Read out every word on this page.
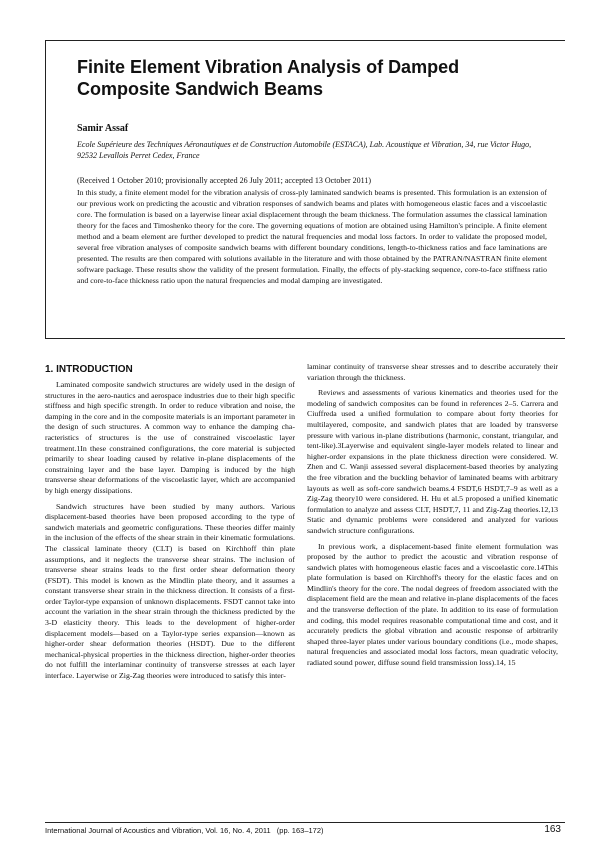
Finite Element Vibration Analysis of Damped Composite Sandwich Beams
Samir Assaf
Ecole Supérieure des Techniques Aéronautiques et de Construction Automobile (ESTACA), Lab. Acoustique et Vibration, 34, rue Victor Hugo, 92532 Levallois Perret Cedex, France
(Received 1 October 2010; provisionally accepted 26 July 2011; accepted 13 October 2011)

In this study, a finite element model for the vibration analysis of cross-ply laminated sandwich beams is presented. This formulation is an extension of our previous work on predicting the acoustic and vibration responses of sandwich beams and plates with homogeneous elastic faces and a viscoelastic core. The formulation is based on a layerwise linear axial displacement through the beam thickness. The formulation assumes the classical lamination theory for the faces and Timoshenko theory for the core. The governing equations of motion are obtained using Hamilton's principle. A finite element method and a beam element are further developed to predict the natural frequencies and modal loss factors. In order to validate the proposed model, several free vibration analyses of composite sandwich beams with different boundary conditions, length-to-thickness ratios and face laminations are presented. The results are then compared with solutions available in the literature and with those obtained by the PATRAN/NASTRAN finite element software package. These results show the validity of the present formulation. Finally, the effects of ply-stacking sequence, core-to-face stiffness ratio and core-to-face thickness ratio upon the natural frequencies and modal damping are investigated.

1. INTRODUCTION

Laminated composite sandwich structures are widely used in the design of structures in the aero-nautics and aerospace industries due to their high specific stiffness and high specific strength. In order to reduce vibration and noise, the damping in the core and in the composite materials is an important parameter in the design of such structures. A common way to enhance the damping cha-racteristics of structures is the use of constrained viscoelastic layer treatment.1In these constrained configurations, the core material is subjected primarily to shear loading caused by relative in-plane displacements of the constraining layer and the base layer. Damping is induced by the high transverse shear deformations of the viscoelastic layer, which are accompanied by high energy dissipations.

Sandwich structures have been studied by many authors. Various displacement-based theories have been proposed according to the type of sandwich materials and geometric configurations. These theories differ mainly in the inclusion of the effects of the shear strain in their kinematic formulations. The classical laminate theory (CLT) is based on Kirchhoff thin plate assumptions, and it neglects the transverse shear strains. The inclusion of transverse shear strains leads to the first order shear deformation theory (FSDT). This model is known as the Mindlin plate theory, and it assumes a constant transverse shear strain in the thickness direction. It consists of a first-order Taylor-type expansion of unknown displacements. FSDT cannot take into account the variation in the shear strain through the thickness predicted by the 3-D elasticity theory. This leads to the development of higher-order displacement models—based on a Taylor-type series expansion—known as higher-order shear deformation theories (HSDT). Due to the different mechanical-physical properties in the thickness direction, higher-order theories do not fulfill the interlaminar continuity of transverse stresses at each layer interface. Layerwise or Zig-Zag theories were introduced to satisfy this inter-

laminar continuity of transverse shear stresses and to describe accurately their variation through the thickness.

Reviews and assessments of various kinematics and theories used for the modeling of sandwich composites can be found in references 2–5. Carrera and Ciuffreda used a unified formulation to compare about forty theories for multilayered, composite, and sandwich plates that are loaded by transverse pressure with various in-plane distributions (harmonic, constant, triangular, and tent-like).3Layerwise and equivalent single-layer models related to linear and higher-order expansions in the plate thickness direction were considered. W. Zhen and C. Wanji assessed several displacement-based theories by analyzing the free vibration and the buckling behavior of laminated beams with arbitrary layouts as well as soft-core sandwich beams.4 FSDT,6 HSDT,7–9 as well as a Zig-Zag theory10 were considered. H. Hu et al.5 proposed a unified kinematic formulation to analyze and assess CLT, HSDT,7, 11 and Zig-Zag theories.12,13 Static and dynamic problems were considered and analyzed for various sandwich structure configurations.

In previous work, a displacement-based finite element formulation was proposed by the author to predict the acoustic and vibration response of sandwich plates with homogeneous elastic faces and a viscoelastic core.14This plate formulation is based on Kirchhoff's theory for the elastic faces and on Mindlin's theory for the core. The nodal degrees of freedom associated with the displacement field are the mean and relative in-plane displacements of the faces and the transverse deflection of the plate. In addition to its ease of formulation and coding, this model requires reasonable computational time and cost, and it accurately predicts the global vibration and acoustic response of arbitrarily shaped three-layer plates under various boundary conditions (i.e., mode shapes, natural frequencies and associated modal loss factors, mean quadratic velocity, radiated sound power, diffuse sound field transmission loss).14, 15

International Journal of Acoustics and Vibration, Vol. 16, No. 4, 2011 (pp. 163–172)	163
